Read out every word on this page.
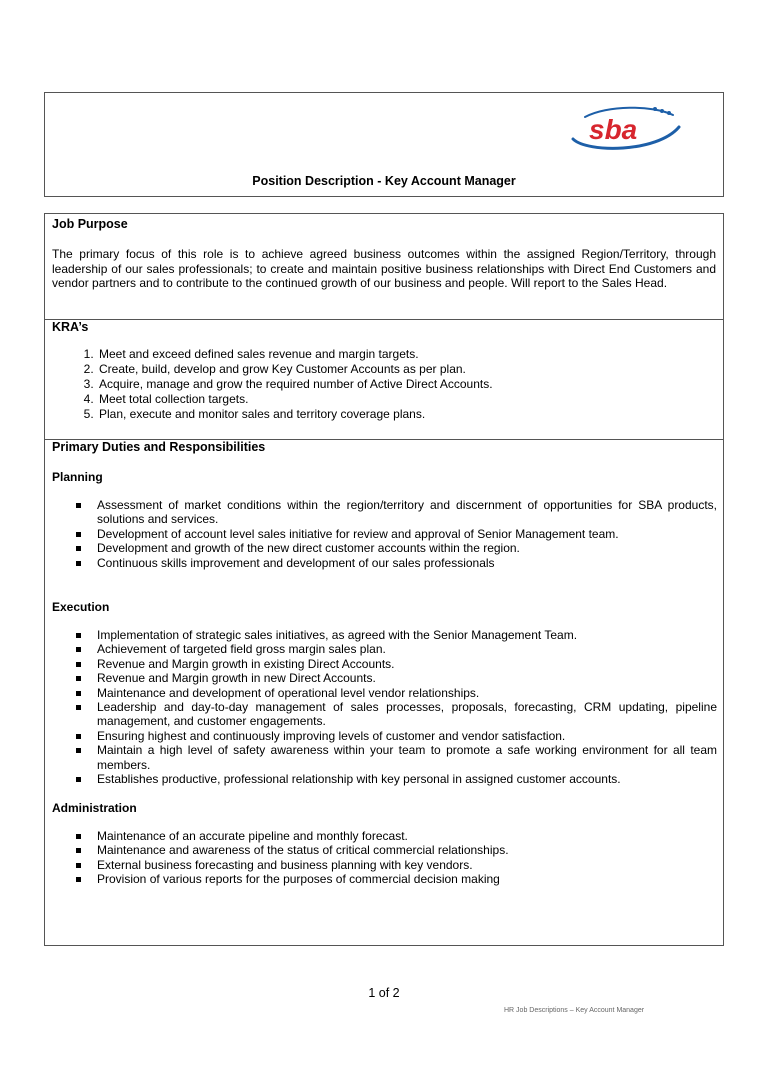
sba
Position Description - Key Account Manager
Job Purpose
The primary focus of this role is to achieve agreed business outcomes within the assigned Region/Territory, through leadership of our sales professionals; to create and maintain positive business relationships with Direct End Customers and vendor partners and to contribute to the continued growth of our business and people. Will report to the Sales Head.
KRA’s
1. Meet and exceed defined sales revenue and margin targets.
2. Create, build, develop and grow Key Customer Accounts as per plan.
3. Acquire, manage and grow the required number of Active Direct Accounts.
4. Meet total collection targets.
5. Plan, execute and monitor sales and territory coverage plans.
Primary Duties and Responsibilities
Planning
Assessment of market conditions within the region/territory and discernment of opportunities for SBA products, solutions and services.
Development of account level sales initiative for review and approval of Senior Management team.
Development and growth of the new direct customer accounts within the region.
Continuous skills improvement and development of our sales professionals
Execution
Implementation of strategic sales initiatives, as agreed with the Senior Management Team.
Achievement of targeted field gross margin sales plan.
Revenue and Margin growth in existing Direct Accounts.
Revenue and Margin growth in new Direct Accounts.
Maintenance and development of operational level vendor relationships.
Leadership and day-to-day management of sales processes, proposals, forecasting, CRM updating, pipeline management, and customer engagements.
Ensuring highest and continuously improving levels of customer and vendor satisfaction.
Maintain a high level of safety awareness within your team to promote a safe working environment for all team members.
Establishes productive, professional relationship with key personal in assigned customer accounts.
Administration
Maintenance of an accurate pipeline and monthly forecast.
Maintenance and awareness of the status of critical commercial relationships.
External business forecasting and business planning with key vendors.
Provision of various reports for the purposes of commercial decision making
1 of 2
HR Job Descriptions – Key Account Manager
